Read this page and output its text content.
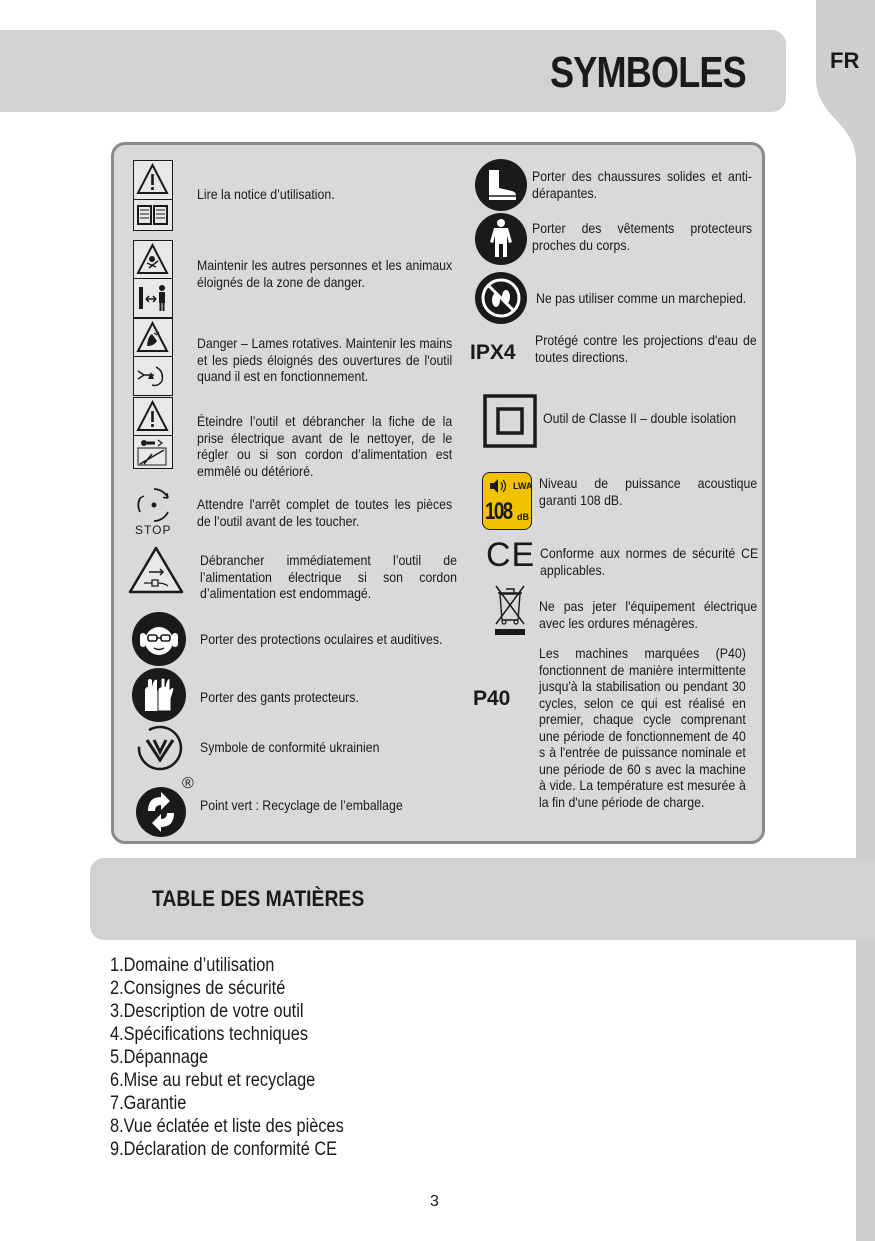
FR
SYMBOLES
Lire la notice d’utilisation.
Maintenir les autres personnes et les animaux éloignés de la zone de danger.
Danger – Lames rotatives. Maintenir les mains et les pieds éloignés des ouvertures de l'outil quand il est en fonctionnement.
Éteindre l’outil et débrancher la fiche de la prise électrique avant de le nettoyer, de le régler ou si son cordon d’alimentation est emmêlé ou détérioré.
STOP
Attendre l'arrêt complet de toutes les pièces de l’outil avant de les toucher.
Débrancher immédiatement l’outil de l’alimentation électrique si son cordon d’alimentation est endommagé.
Porter des protections oculaires et auditives.
Porter des gants protecteurs.
Symbole de conformité ukrainien
®
Point vert : Recyclage de l’emballage
Porter des chaussures solides et anti-dérapantes.
Porter des vêtements protecteurs proches du corps.
Ne pas utiliser comme un marchepied.
IPX4
Protégé contre les projections d'eau de toutes directions.
Outil de Classe II – double isolation
LWA
108 dB
Niveau de puissance acoustique garanti 108 dB.
CE Conforme aux normes de sécurité CE applicables.
Ne pas jeter l'équipement électrique avec les ordures ménagères.
P40
Les machines marquées (P40) fonctionnent de manière intermittente jusqu'à la stabilisation ou pendant 30 cycles, selon ce qui est réalisé en premier, chaque cycle comprenant une période de fonctionnement de 40 s à l'entrée de puissance nominale et une période de 60 s avec la machine à vide. La température est mesurée à la fin d'une période de charge.
TABLE DES MATIÈRES
1.Domaine d’utilisation
2.Consignes de sécurité
3.Description de votre outil
4.Spécifications techniques
5.Dépannage
6.Mise au rebut et recyclage
7.Garantie
8.Vue éclatée et liste des pièces
9.Déclaration de conformité CE
3
